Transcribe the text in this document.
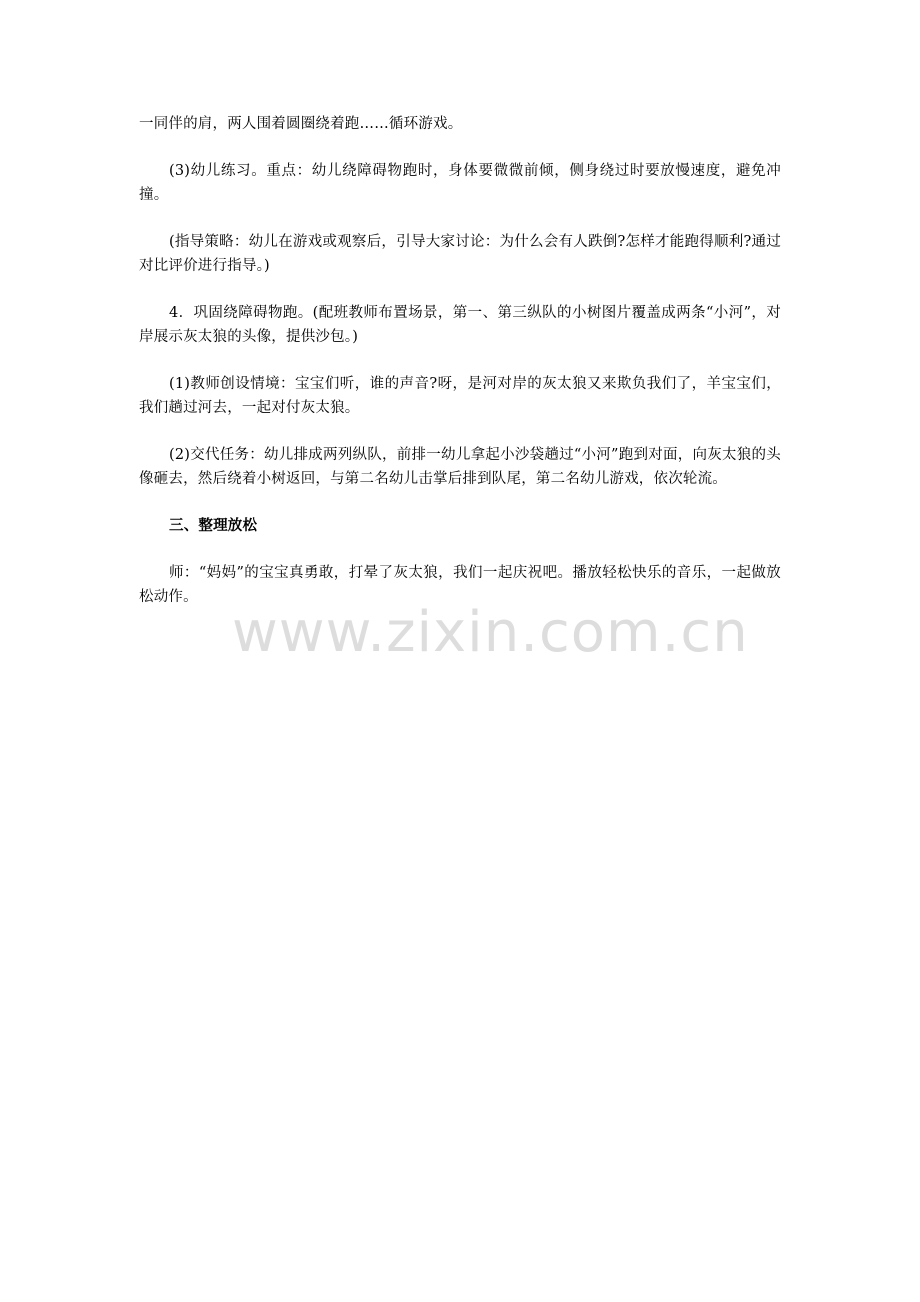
一同伴的肩，两人围着圆圈绕着跑……循环游戏。

(3)幼儿练习。重点：幼儿绕障碍物跑时，身体要微微前倾，侧身绕过时要放慢速度，避免冲撞。

(指导策略：幼儿在游戏或观察后，引导大家讨论：为什么会有人跌倒?怎样才能跑得顺利?通过对比评价进行指导。)

4．巩固绕障碍物跑。(配班教师布置场景，第一、第三纵队的小树图片覆盖成两条“小河”，对岸展示灰太狼的头像，提供沙包。)

(1)教师创设情境：宝宝们听，谁的声音?呀，是河对岸的灰太狼又来欺负我们了，羊宝宝们，我们趟过河去，一起对付灰太狼。

(2)交代任务：幼儿排成两列纵队，前排一幼儿拿起小沙袋趟过“小河”跑到对面，向灰太狼的头像砸去，然后绕着小树返回，与第二名幼儿击掌后排到队尾，第二名幼儿游戏，依次轮流。

三、整理放松

师：“妈妈”的宝宝真勇敢，打晕了灰太狼，我们一起庆祝吧。播放轻松快乐的音乐，一起做放松动作。

www.zixin.com.cn
